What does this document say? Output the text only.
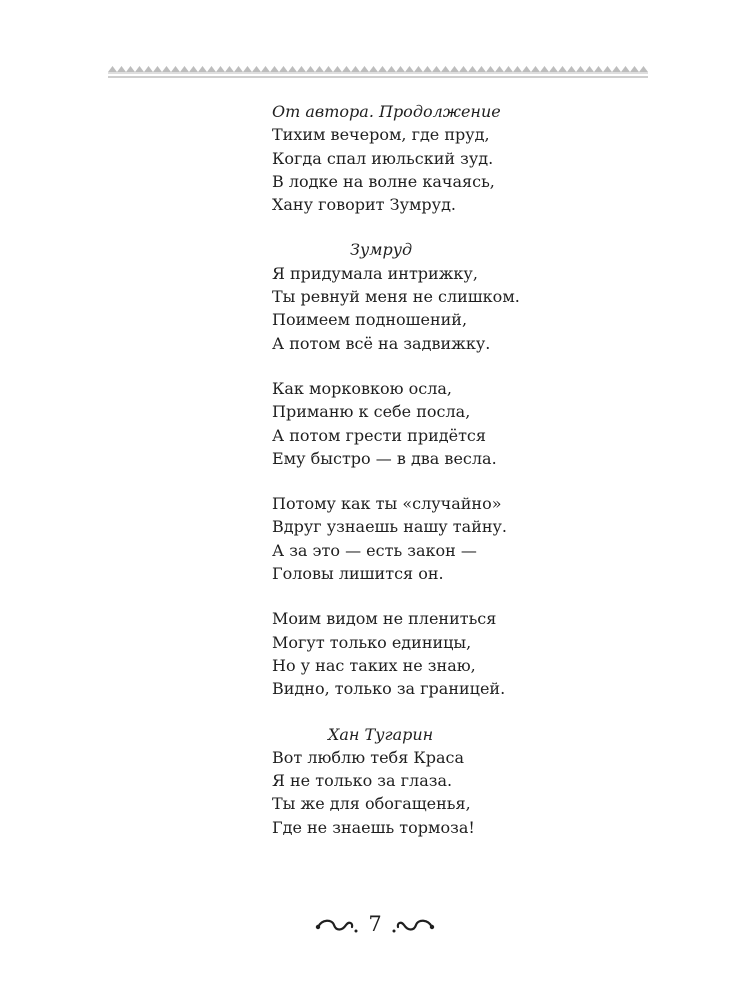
От автора. Продолжение
Тихим вечером, где пруд,
Когда спал июльский зуд.
В лодке на волне качаясь,
Хану говорит Зумруд.
Зумруд
Я придумала интрижку,
Ты ревнуй меня не слишком.
Поимеем подношений,
А потом всё на задвижку.
Как морковкою осла,
Приманю к себе посла,
А потом грести придётся
Ему быстро — в два весла.
Потому как ты «случайно»
Вдруг узнаешь нашу тайну.
А за это — есть закон —
Головы лишится он.
Моим видом не плениться
Могут только единицы,
Но у нас таких не знаю,
Видно, только за границей.
Хан Тугарин
Вот люблю тебя Краса
Я не только за глаза.
Ты же для обогащенья,
Где не знаешь тормоза!
7
